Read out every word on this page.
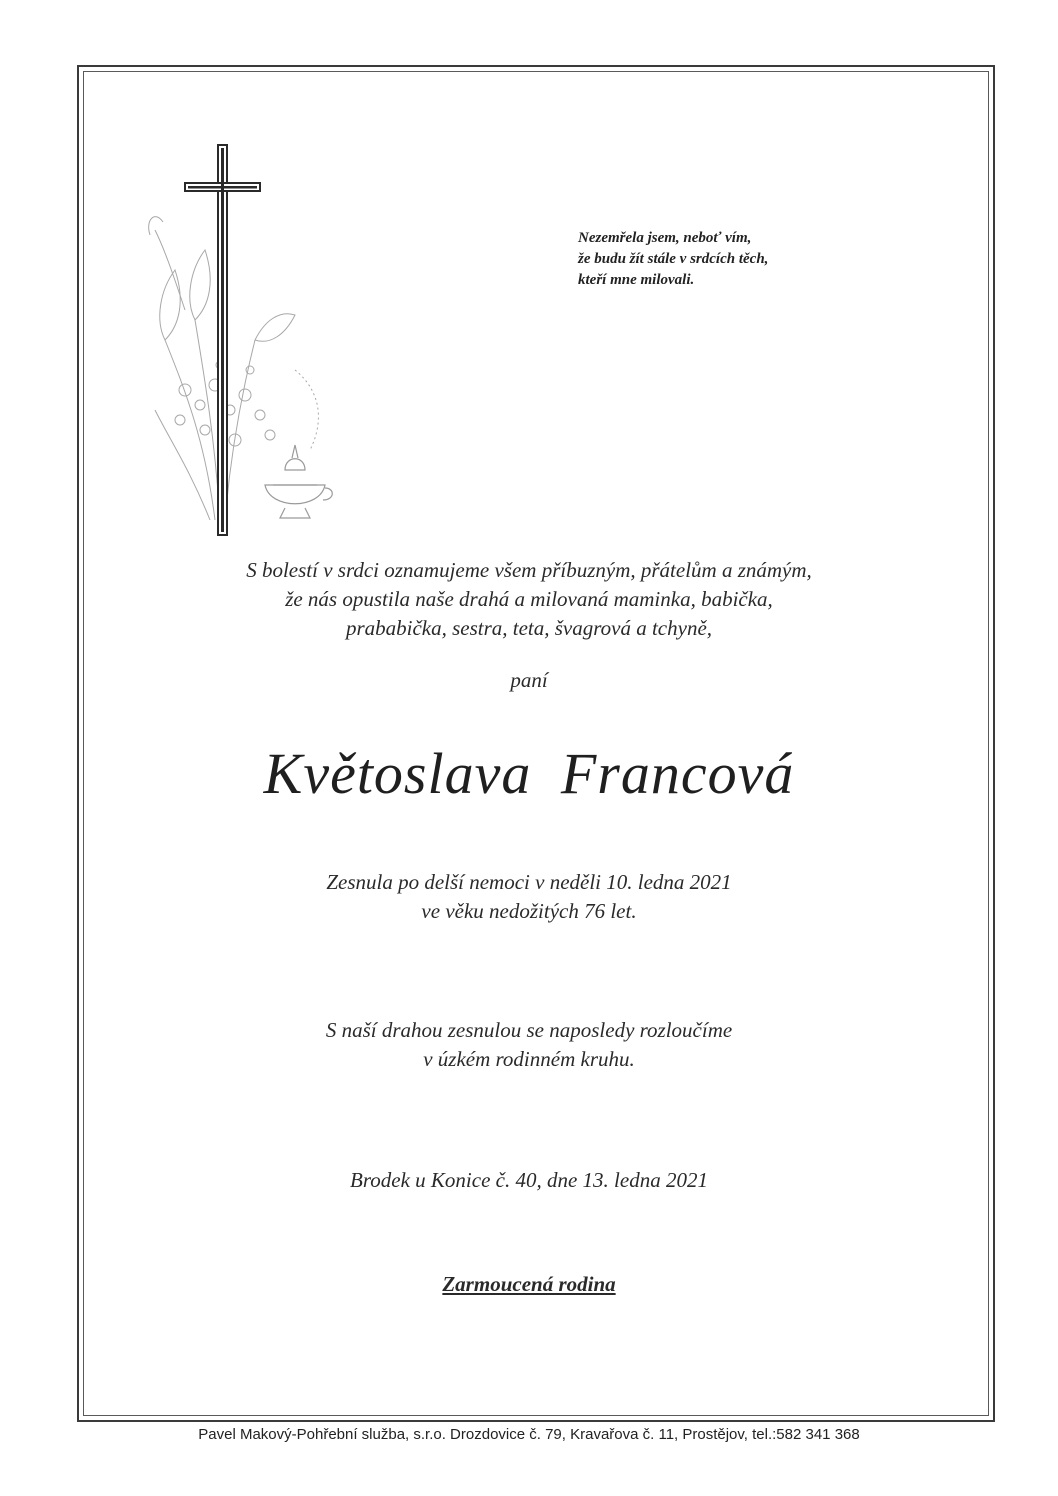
Nezemřela jsem, neboť vím,
že budu žít stále v srdcích těch,
kteří mne milovali.
S bolestí v srdci oznamujeme všem příbuzným, přátelům a známým,
že nás opustila naše drahá a milovaná maminka, babička,
prababička, sestra, teta, švagrová a tchyně,
paní
Květoslava Francová
Zesnula po delší nemoci v neděli 10. ledna 2021
ve věku nedožitých 76 let.
S naší drahou zesnulou se naposledy rozloučíme
v úzkém rodinném kruhu.
Brodek u Konice č. 40, dne 13. ledna 2021
Zarmoucená rodina
Pavel Makový-Pohřební služba, s.r.o. Drozdovice č. 79, Kravařova č. 11, Prostějov, tel.:582 341 368
